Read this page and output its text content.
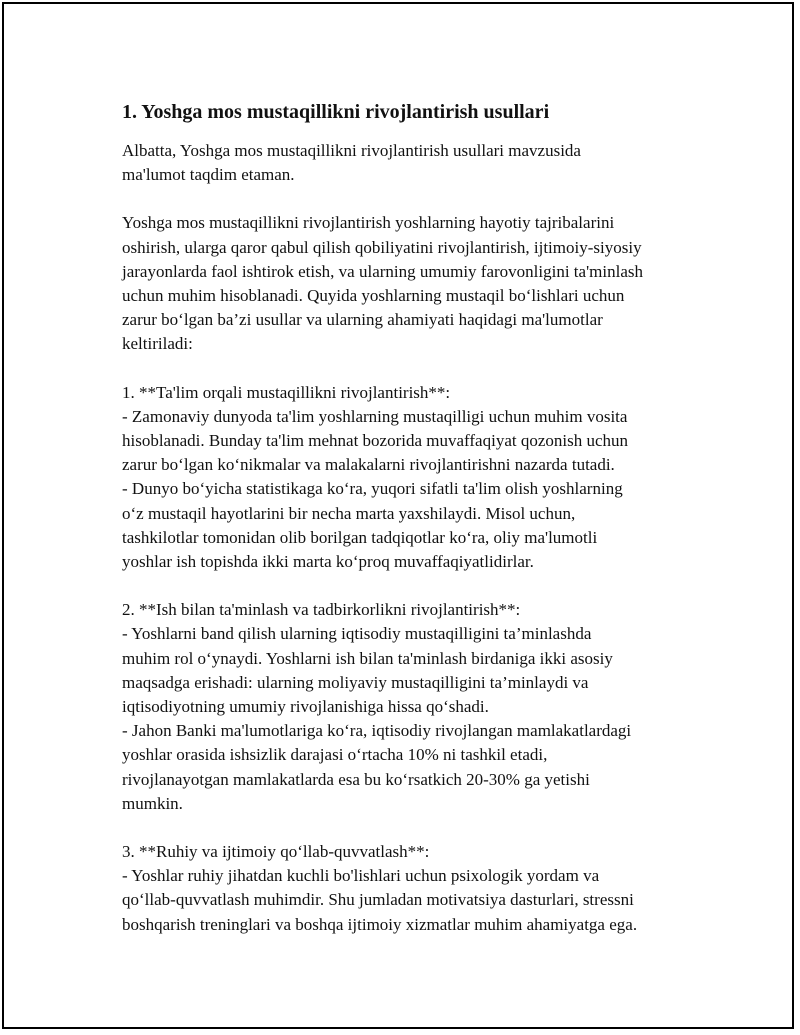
1. Yoshga mos mustaqillikni rivojlantirish usullari

Albatta, Yoshga mos mustaqillikni rivojlantirish usullari mavzusida
ma'lumot taqdim etaman.

Yoshga mos mustaqillikni rivojlantirish yoshlarning hayotiy tajribalarini
oshirish, ularga qaror qabul qilish qobiliyatini rivojlantirish, ijtimoiy-siyosiy
jarayonlarda faol ishtirok etish, va ularning umumiy farovonligini ta'minlash
uchun muhim hisoblanadi. Quyida yoshlarning mustaqil bo‘lishlari uchun
zarur bo‘lgan ba’zi usullar va ularning ahamiyati haqidagi ma'lumotlar
keltiriladi:

1. **Ta'lim orqali mustaqillikni rivojlantirish**:
- Zamonaviy dunyoda ta'lim yoshlarning mustaqilligi uchun muhim vosita
hisoblanadi. Bunday ta'lim mehnat bozorida muvaffaqiyat qozonish uchun
zarur bo‘lgan ko‘nikmalar va malakalarni rivojlantirishni nazarda tutadi.
- Dunyo bo‘yicha statistikaga ko‘ra, yuqori sifatli ta'lim olish yoshlarning
o‘z mustaqil hayotlarini bir necha marta yaxshilaydi. Misol uchun,
tashkilotlar tomonidan olib borilgan tadqiqotlar ko‘ra, oliy ma'lumotli
yoshlar ish topishda ikki marta ko‘proq muvaffaqiyatlidirlar.

2. **Ish bilan ta'minlash va tadbirkorlikni rivojlantirish**:
- Yoshlarni band qilish ularning iqtisodiy mustaqilligini ta’minlashda
muhim rol o‘ynaydi. Yoshlarni ish bilan ta'minlash birdaniga ikki asosiy
maqsadga erishadi: ularning moliyaviy mustaqilligini ta’minlaydi va
iqtisodiyotning umumiy rivojlanishiga hissa qo‘shadi.
- Jahon Banki ma'lumotlariga ko‘ra, iqtisodiy rivojlangan mamlakatlardagi
yoshlar orasida ishsizlik darajasi o‘rtacha 10% ni tashkil etadi,
rivojlanayotgan mamlakatlarda esa bu ko‘rsatkich 20-30% ga yetishi
mumkin.

3. **Ruhiy va ijtimoiy qo‘llab-quvvatlash**:
- Yoshlar ruhiy jihatdan kuchli bo'lishlari uchun psixologik yordam va
qo‘llab-quvvatlash muhimdir. Shu jumladan motivatsiya dasturlari, stressni
boshqarish treninglari va boshqa ijtimoiy xizmatlar muhim ahamiyatga ega.
